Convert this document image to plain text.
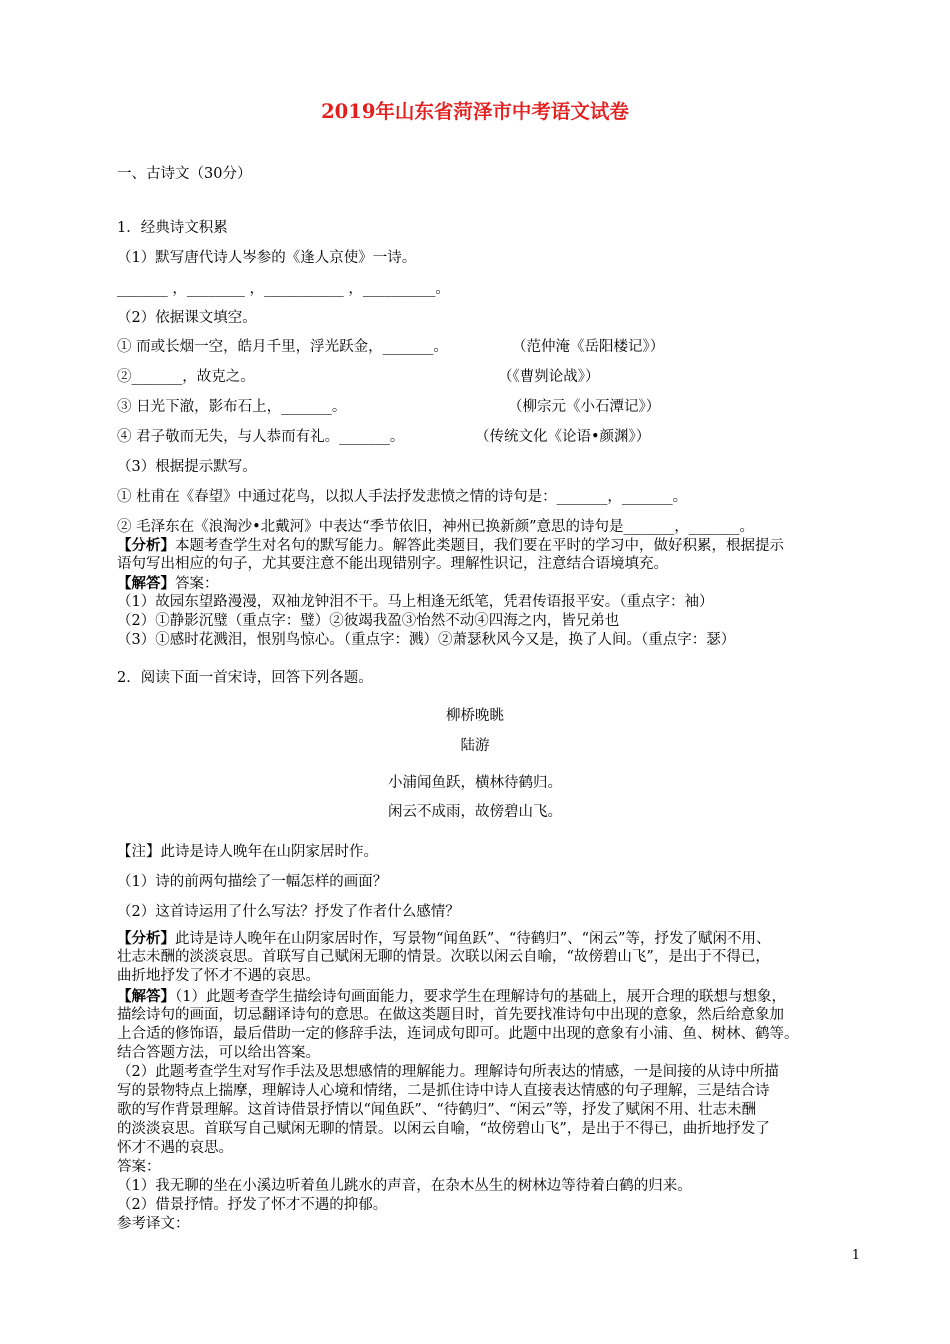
2019年山东省菏泽市中考语文试卷
一、古诗文（30分）
1．经典诗文积累
（1）默写唐代诗人岑参的《逢人京使》一诗。
_______ ，________ ，___________ ，__________。
（2）依据课文填空。
① 而或长烟一空，皓月千里，浮光跃金，_______。	（范仲淹《岳阳楼记》）
②_______，故克之。	（《曹刿论战》）
③ 日光下澈，影布石上，_______。	（柳宗元《小石潭记》）
④ 君子敬而无失，与人恭而有礼。_______。	（传统文化《论语•颜渊》）
（3）根据提示默写。
① 杜甫在《春望》中通过花鸟，以拟人手法抒发悲愤之情的诗句是：_______，_______。
② 毛泽东在《浪淘沙•北戴河》中表达“季节依旧，神州已换新颜”意思的诗句是_______，_______。
【分析】本题考查学生对名句的默写能力。解答此类题目，我们要在平时的学习中，做好积累，根据提示
语句写出相应的句子，尤其要注意不能出现错别字。理解性识记，注意结合语境填充。
【解答】答案：
（1）故园东望路漫漫，双袖龙钟泪不干。马上相逢无纸笔，凭君传语报平安。（重点字：袖）
（2）①静影沉璧（重点字：璧）②彼竭我盈③怡然不动④四海之内，皆兄弟也
（3）①感时花溅泪，恨别鸟惊心。（重点字：溅）②萧瑟秋风今又是，换了人间。（重点字：瑟）
2．阅读下面一首宋诗，回答下列各题。
柳桥晚眺
陆游
小浦闻鱼跃，横林待鹤归。
闲云不成雨，故傍碧山飞。
【注】此诗是诗人晚年在山阴家居时作。
（1）诗的前两句描绘了一幅怎样的画面？
（2）这首诗运用了什么写法？抒发了作者什么感情？
【分析】此诗是诗人晚年在山阴家居时作，写景物“闻鱼跃”、“待鹤归”、“闲云”等，抒发了赋闲不用、
壮志未酬的淡淡哀思。首联写自己赋闲无聊的情景。次联以闲云自喻，“故傍碧山飞”，是出于不得已，
曲折地抒发了怀才不遇的哀思。
【解答】（1）此题考查学生描绘诗句画面能力，要求学生在理解诗句的基础上，展开合理的联想与想象，
描绘诗句的画面，切忌翻译诗句的意思。在做这类题目时，首先要找准诗句中出现的意象，然后给意象加
上合适的修饰语，最后借助一定的修辞手法，连词成句即可。此题中出现的意象有小浦、鱼、树林、鹤等。
结合答题方法，可以给出答案。
（2）此题考查学生对写作手法及思想感情的理解能力。理解诗句所表达的情感，一是间接的从诗中所描
写的景物特点上揣摩，理解诗人心境和情绪，二是抓住诗中诗人直接表达情感的句子理解，三是结合诗
歌的写作背景理解。这首诗借景抒情以“闻鱼跃”、“待鹤归”、“闲云”等，抒发了赋闲不用、壮志未酬
的淡淡哀思。首联写自己赋闲无聊的情景。以闲云自喻，“故傍碧山飞”，是出于不得已，曲折地抒发了
怀才不遇的哀思。
答案：
（1）我无聊的坐在小溪边听着鱼儿跳水的声音，在杂木丛生的树林边等待着白鹤的归来。
（2）借景抒情。抒发了怀才不遇的抑郁。
参考译文：
1
